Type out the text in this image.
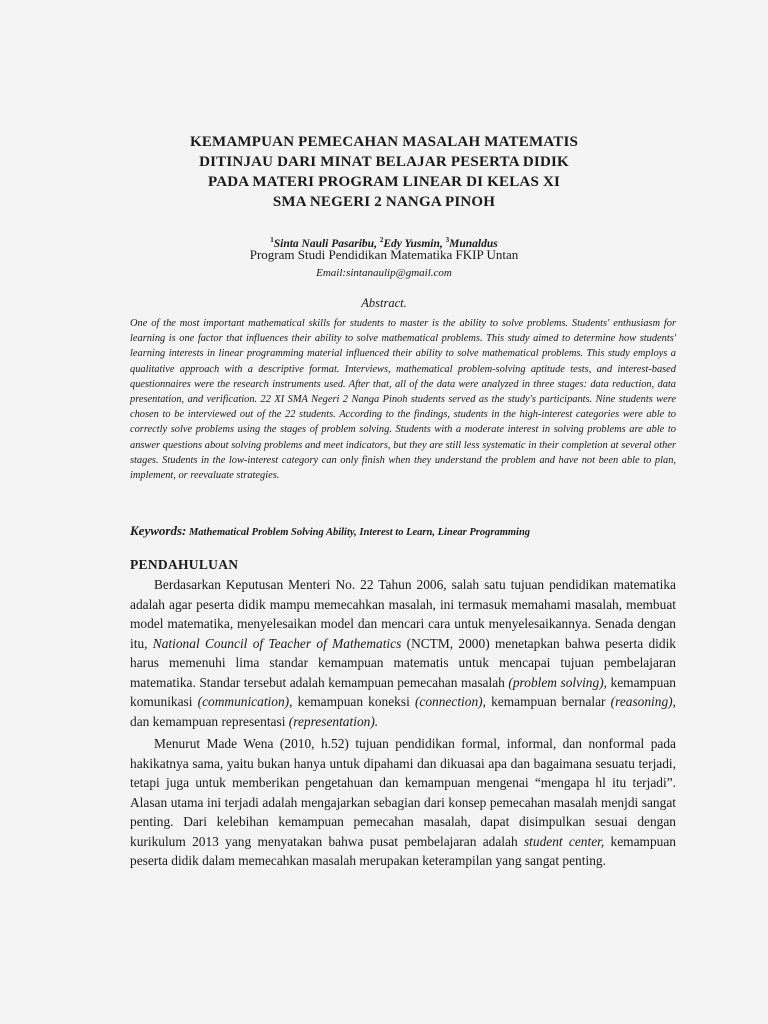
KEMAMPUAN PEMECAHAN MASALAH MATEMATIS
DITINJAU DARI MINAT BELAJAR PESERTA DIDIK
PADA MATERI PROGRAM LINEAR DI KELAS XI
SMA NEGERI 2 NANGA PINOH
$^1$Sinta Nauli Pasaribu, $^2$Edy Yusmin, $^3$Munaldus
Program Studi Pendidikan Matematika FKIP Untan
Email:sintanaulip@gmail.com
Abstract.
One of the most important mathematical skills for students to master is the ability to solve problems. Students' enthusiasm for learning is one factor that influences their ability to solve mathematical problems. This study aimed to determine how students' learning interests in linear programming material influenced their ability to solve mathematical problems. This study employs a qualitative approach with a descriptive format. Interviews, mathematical problem-solving aptitude tests, and interest-based questionnaires were the research instruments used. After that, all of the data were analyzed in three stages: data reduction, data presentation, and verification. 22 XI SMA Negeri 2 Nanga Pinoh students served as the study's participants. Nine students were chosen to be interviewed out of the 22 students. According to the findings, students in the high-interest categories were able to correctly solve problems using the stages of problem solving. Students with a moderate interest in solving problems are able to answer questions about solving problems and meet indicators, but they are still less systematic in their completion at several other stages. Students in the low-interest category can only finish when they understand the problem and have not been able to plan, implement, or reevaluate strategies.
Keywords: Mathematical Problem Solving Ability, Interest to Learn, Linear Programming
PENDAHULUAN
Berdasarkan Keputusan Menteri No. 22 Tahun 2006, salah satu tujuan pendidikan matematika adalah agar peserta didik mampu memecahkan masalah, ini termasuk memahami masalah, membuat model matematika, menyelesaikan model dan mencari cara untuk menyelesaikannya. Senada dengan itu, National Council of Teacher of Mathematics (NCTM, 2000) menetapkan bahwa peserta didik harus memenuhi lima standar kemampuan matematis untuk mencapai tujuan pembelajaran matematika. Standar tersebut adalah kemampuan pemecahan masalah (problem solving), kemampuan komunikasi (communication), kemampuan koneksi (connection), kemampuan bernalar (reasoning), dan kemampuan representasi (representation).
Menurut Made Wena (2010, h.52) tujuan pendidikan formal, informal, dan nonformal pada hakikatnya sama, yaitu bukan hanya untuk dipahami dan dikuasai apa dan bagaimana sesuatu terjadi, tetapi juga untuk memberikan pengetahuan dan kemampuan mengenai “mengapa hl itu terjadi”. Alasan utama ini terjadi adalah mengajarkan sebagian dari konsep pemecahan masalah menjdi sangat penting. Dari kelebihan kemampuan pemecahan masalah, dapat disimpulkan sesuai dengan kurikulum 2013 yang menyatakan bahwa pusat pembelajaran adalah student center, kemampuan peserta didik dalam memecahkan masalah merupakan keterampilan yang sangat penting.
